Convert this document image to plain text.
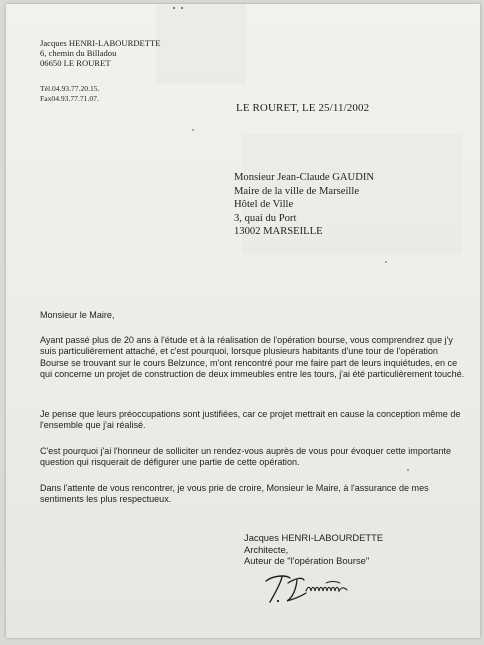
Jacques HENRI-LABOURDETTE
6, chemin du Billadou
06650 LE ROURET
Tél.04.93.77.20.15.
Fax04.93.77.71.07.
LE ROURET, LE 25/11/2002
Monsieur Jean-Claude GAUDIN
Maire de la ville de Marseille
Hôtel de Ville
3, quai du Port
13002 MARSEILLE

Monsieur le Maire,

Ayant passé plus de 20 ans à l'étude et à la réalisation de l'opération bourse, vous comprendrez que j'y suis particulièrement attaché, et c'est pourquoi, lorsque plusieurs habitants d'une tour de l'opération Bourse se trouvant sur le cours Belzunce, m'ont rencontré pour me faire part de leurs inquiétudes, en ce qui concerne un projet de construction de deux immeubles entre les tours, j'ai été particulièrement touché.

Je pense que leurs préoccupations sont justifiées, car ce projet mettrait en cause la conception même de l'ensemble que j'ai réalisé.

C'est pourquoi j'ai l'honneur de solliciter un rendez-vous auprès de vous pour évoquer cette importante question qui risquerait de défigurer une partie de cette opération.

Dans l'attente de vous rencontrer, je vous prie de croire, Monsieur le Maire, à l'assurance de mes sentiments les plus respectueux.

Jacques HENRI-LABOURDETTE
Architecte,
Auteur de "l'opération Bourse"
